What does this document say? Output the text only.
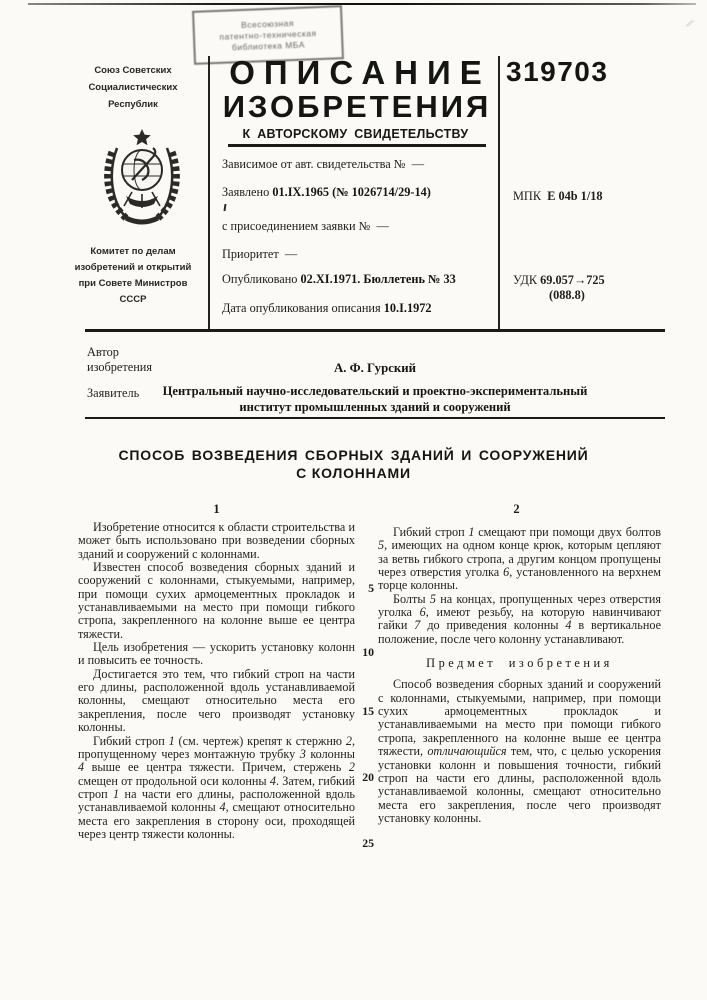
⁄⁄
Всесоюзная
патентно-техническая
библиотека МБА
Союз Советских
Социалистических
Республик
Комитет по делам
изобретений и открытий
при Совете Министров
СССР
ОПИСАНИЕ
ИЗОБРЕТЕНИЯ
К АВТОРСКОМУ СВИДЕТЕЛЬСТВУ
Зависимое от авт. свидетельства № —
Заявлено 01.IX.1965 (№ 1026714/29-14)
с присоединением заявки № —
Приоритет —
Опубликовано 02.XI.1971. Бюллетень № 33
Дата опубликования описания 10.I.1972
319703
МПК E 04b 1/18
УДК 69.057→725
(088.8)
Автор
изобретения	А. Ф. Гурский
Заявитель	Центральный научно-исследовательский и проектно-экспериментальный
институт промышленных зданий и сооружений
СПОСОБ ВОЗВЕДЕНИЯ СБОРНЫХ ЗДАНИЙ И СООРУЖЕНИЙ
С КОЛОННАМИ
1	2

Изобретение относится к области строительства и может быть использовано при возведении сборных зданий и сооружений с колоннами.

Известен способ возведения сборных зданий и сооружений с колоннами, стыкуемыми, например, при помощи сухих армоцементных прокладок и устанавливаемыми на место при помощи гибкого стропа, закрепленного на колонне выше ее центра тяжести.

Цель изобретения — ускорить установку колонн и повысить ее точность.

Достигается это тем, что гибкий строп на части его длины, расположенной вдоль устанавливаемой колонны, смещают относительно места его закрепления, после чего производят установку колонны.

Гибкий строп 1 (см. чертеж) крепят к стержню 2, пропущенному через монтажную трубку 3 колонны 4 выше ее центра тяжести. Причем, стержень 2 смещен от продольной оси колонны 4. Затем, гибкий строп 1 на части его длины, расположенной вдоль устанавливаемой колонны 4, смещают относительно места его закрепления в сторону оси, проходящей через центр тяжести колонны.

Гибкий строп 1 смещают при помощи двух болтов 5, имеющих на одном конце крюк, которым цепляют за ветвь гибкого стропа, а другим концом пропущены через отверстия уголка 6, установленного на верхнем торце колонны.

Болты 5 на концах, пропущенных через отверстия уголка 6, имеют резьбу, на которую навинчивают гайки 7 до приведения колонны 4 в вертикальное положение, после чего колонну устанавливают.

Предмет изобретения

Способ возведения сборных зданий и сооружений с колоннами, стыкуемыми, например, при помощи сухих армоцементных прокладок и устанавливаемыми на место при помощи гибкого стропа, закрепленного на колонне выше ее центра тяжести, отличающийся тем, что, с целью ускорения установки колонн и повышения точности, гибкий строп на части его длины, расположенной вдоль устанавливаемой колонны, смещают относительно места его закрепления, после чего производят установку колонны.

5
10
15
20
25
